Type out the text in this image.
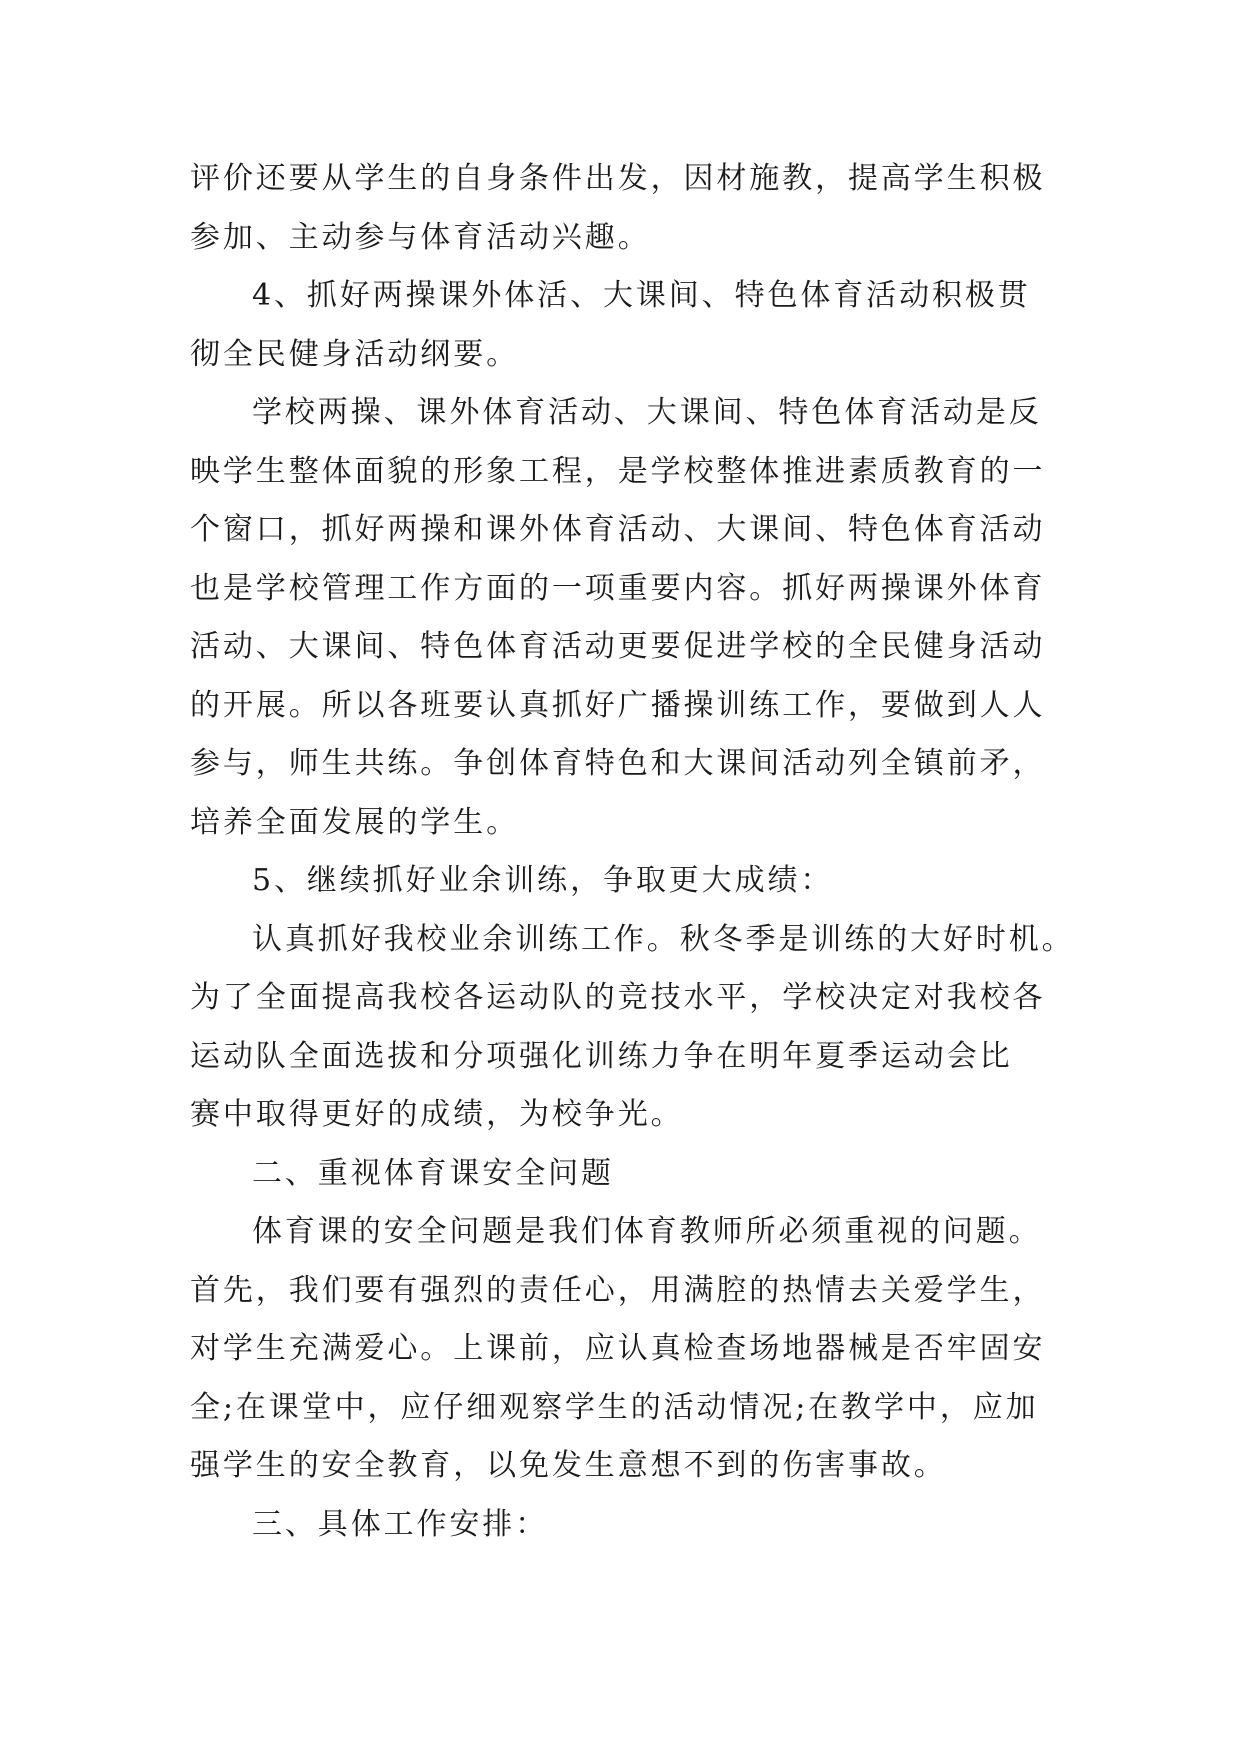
评价还要从学生的自身条件出发，因材施教，提高学生积极
参加、主动参与体育活动兴趣。
4、抓好两操课外体活、大课间、特色体育活动积极贯
彻全民健身活动纲要。
学校两操、课外体育活动、大课间、特色体育活动是反
映学生整体面貌的形象工程，是学校整体推进素质教育的一
个窗口，抓好两操和课外体育活动、大课间、特色体育活动
也是学校管理工作方面的一项重要内容。抓好两操课外体育
活动、大课间、特色体育活动更要促进学校的全民健身活动
的开展。所以各班要认真抓好广播操训练工作，要做到人人
参与，师生共练。争创体育特色和大课间活动列全镇前矛，
培养全面发展的学生。
5、继续抓好业余训练，争取更大成绩：
认真抓好我校业余训练工作。秋冬季是训练的大好时机。
为了全面提高我校各运动队的竞技水平，学校决定对我校各
运动队全面选拔和分项强化训练力争在明年夏季运动会比
赛中取得更好的成绩，为校争光。
二、重视体育课安全问题
体育课的安全问题是我们体育教师所必须重视的问题。
首先，我们要有强烈的责任心，用满腔的热情去关爱学生，
对学生充满爱心。上课前，应认真检查场地器械是否牢固安
全;在课堂中，应仔细观察学生的活动情况;在教学中，应加
强学生的安全教育，以免发生意想不到的伤害事故。
三、具体工作安排：
